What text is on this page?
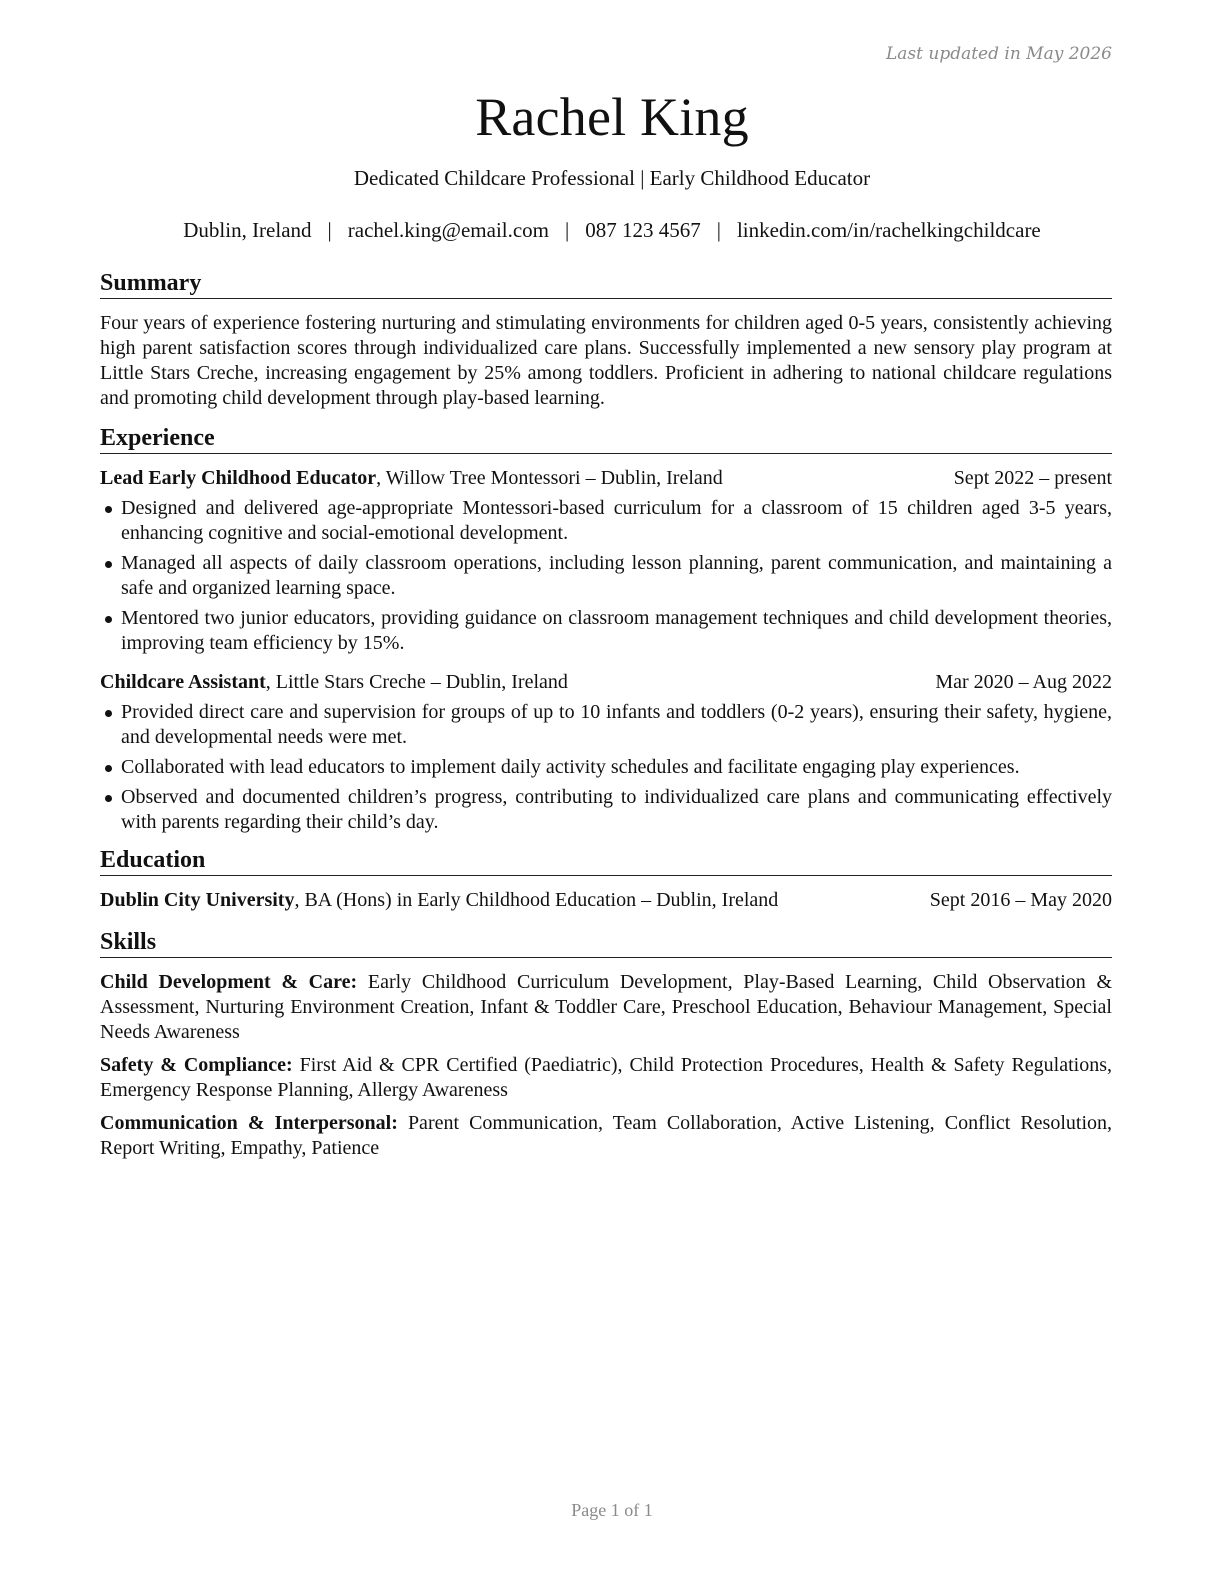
Last updated in May 2026
Rachel King
Dedicated Childcare Professional | Early Childhood Educator
Dublin, Ireland | rachel.king@email.com | 087 123 4567 | linkedin.com/in/rachelkingchildcare
Summary
Four years of experience fostering nurturing and stimulating environments for children aged 0-5 years, consistently achieving high parent satisfaction scores through individualized care plans. Successfully implemented a new sensory play program at Little Stars Creche, increasing engagement by 25% among toddlers. Proficient in adhering to national childcare regulations and promoting child development through play-based learning.
Experience
Lead Early Childhood Educator, Willow Tree Montessori – Dublin, Ireland	Sept 2022 – present
Designed and delivered age-appropriate Montessori-based curriculum for a classroom of 15 children aged 3-5 years, enhancing cognitive and social-emotional development.
Managed all aspects of daily classroom operations, including lesson planning, parent communication, and maintaining a safe and organized learning space.
Mentored two junior educators, providing guidance on classroom management techniques and child development theories, improving team efficiency by 15%.
Childcare Assistant, Little Stars Creche – Dublin, Ireland	Mar 2020 – Aug 2022
Provided direct care and supervision for groups of up to 10 infants and toddlers (0-2 years), ensuring their safety, hygiene, and developmental needs were met.
Collaborated with lead educators to implement daily activity schedules and facilitate engaging play experiences.
Observed and documented children’s progress, contributing to individualized care plans and communicating effectively with parents regarding their child’s day.
Education
Dublin City University, BA (Hons) in Early Childhood Education – Dublin, Ireland	Sept 2016 – May 2020
Skills
Child Development & Care: Early Childhood Curriculum Development, Play-Based Learning, Child Observation & Assessment, Nurturing Environment Creation, Infant & Toddler Care, Preschool Education, Behaviour Management, Special Needs Awareness
Safety & Compliance: First Aid & CPR Certified (Paediatric), Child Protection Procedures, Health & Safety Regulations, Emergency Response Planning, Allergy Awareness
Communication & Interpersonal: Parent Communication, Team Collaboration, Active Listening, Conflict Resolution, Report Writing, Empathy, Patience
Page 1 of 1
